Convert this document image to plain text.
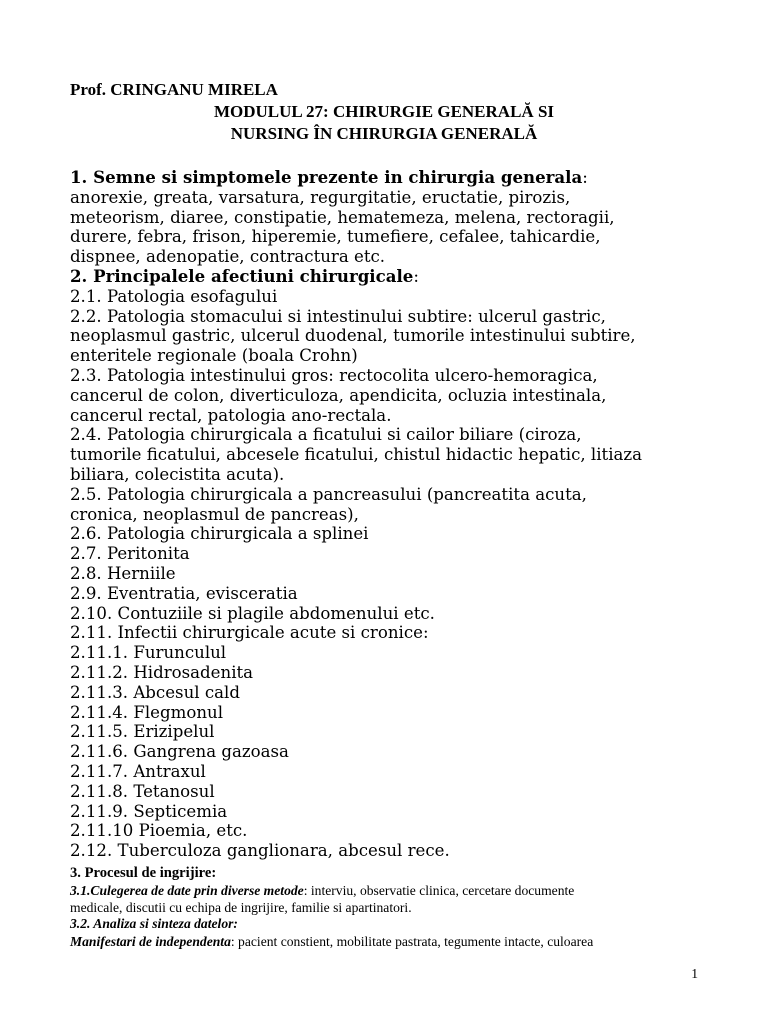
Prof. CRINGANU MIRELA
MODULUL 27: CHIRURGIE GENERALĂ SI
NURSING ÎN CHIRURGIA GENERALĂ
1. Semne si simptomele prezente in chirurgia generala:
anorexie, greata, varsatura, regurgitatie, eructatie, pirozis,
meteorism, diaree, constipatie, hematemeza, melena, rectoragii,
durere, febra, frison, hiperemie, tumefiere, cefalee, tahicardie,
dispnee, adenopatie, contractura etc.
2. Principalele afectiuni chirurgicale:
2.1. Patologia esofagului
2.2. Patologia stomacului si intestinului subtire: ulcerul gastric,
neoplasmul gastric, ulcerul duodenal, tumorile intestinului subtire,
enteritele regionale (boala Crohn)
2.3. Patologia intestinului gros: rectocolita ulcero-hemoragica,
cancerul de colon, diverticuloza, apendicita, ocluzia intestinala,
cancerul rectal, patologia ano-rectala.
2.4. Patologia chirurgicala a ficatului si cailor biliare (ciroza,
tumorile ficatului, abcesele ficatului, chistul hidactic hepatic, litiaza
biliara, colecistita acuta).
2.5. Patologia chirurgicala a pancreasului (pancreatita acuta,
cronica, neoplasmul de pancreas),
2.6. Patologia chirurgicala a splinei
2.7. Peritonita
2.8. Herniile
2.9. Eventratia, evisceratia
2.10. Contuziile si plagile abdomenului etc.
2.11. Infectii chirurgicale acute si cronice:
2.11.1. Furunculul
2.11.2. Hidrosadenita
2.11.3. Abcesul cald
2.11.4. Flegmonul
2.11.5. Erizipelul
2.11.6. Gangrena gazoasa
2.11.7. Antraxul
2.11.8. Tetanosul
2.11.9. Septicemia
2.11.10 Pioemia, etc.
2.12. Tuberculoza ganglionara, abcesul rece.
3. Procesul de ingrijire:
3.1.Culegerea de date prin diverse metode: interviu, observatie clinica, cercetare documente
medicale, discutii cu echipa de ingrijire, familie si apartinatori.
3.2. Analiza si sinteza datelor:
Manifestari de independenta: pacient constient, mobilitate pastrata, tegumente intacte, culoarea
1
